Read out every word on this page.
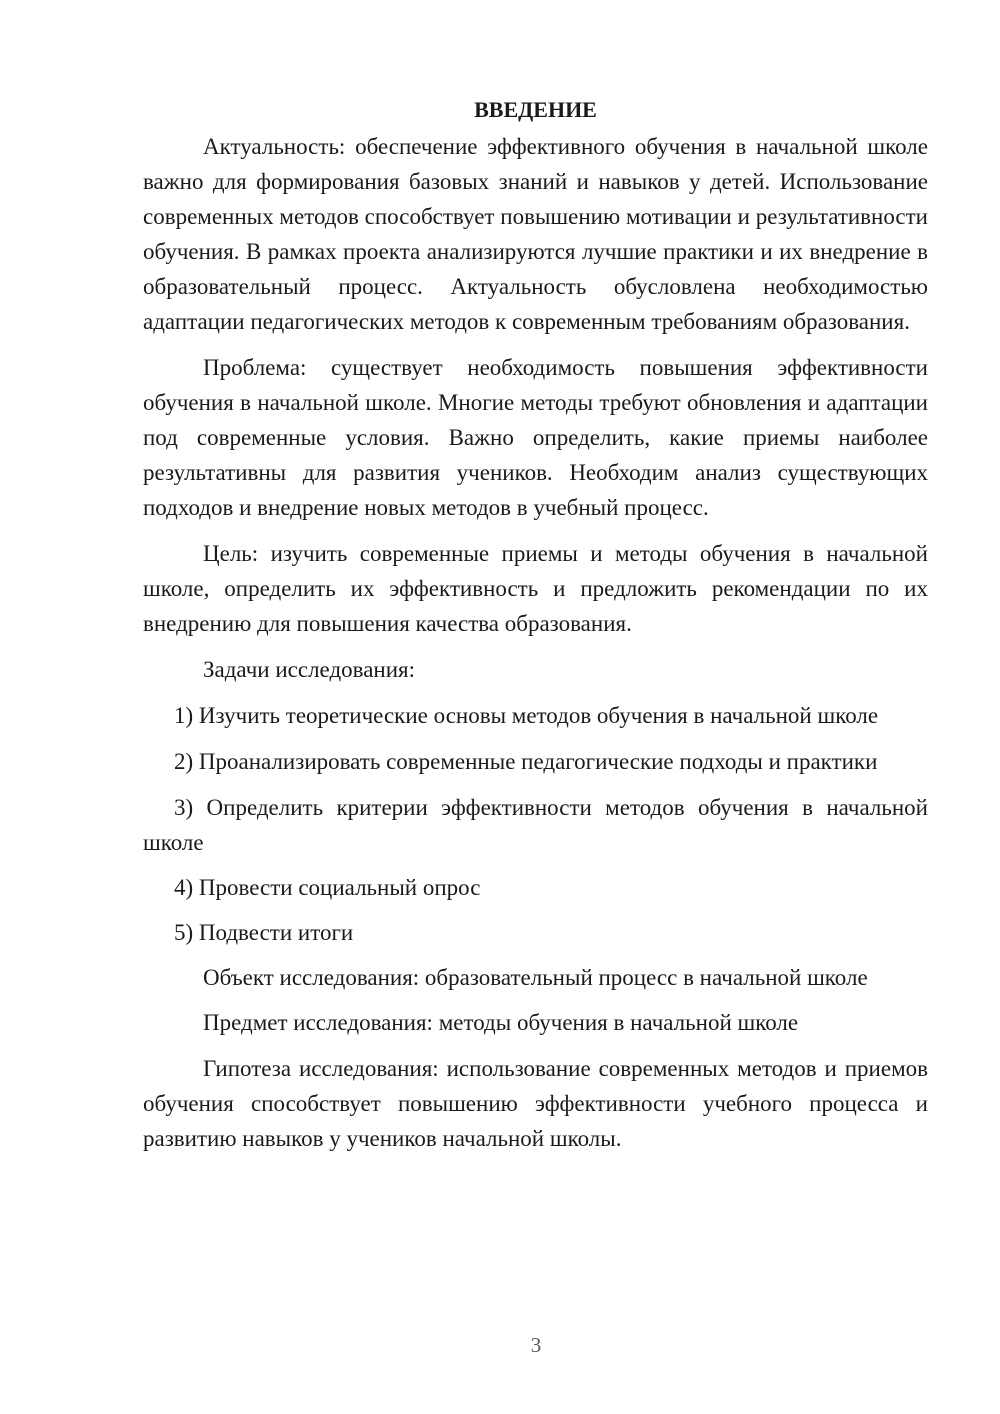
ВВЕДЕНИЕ

Актуальность: обеспечение эффективного обучения в начальной школе важно для формирования базовых знаний и навыков у детей. Использование современных методов способствует повышению мотивации и результативности обучения. В рамках проекта анализируются лучшие практики и их внедрение в образовательный процесс. Актуальность обусловлена необходимостью адаптации педагогических методов к современным требованиям образования.

Проблема: существует необходимость повышения эффективности обучения в начальной школе. Многие методы требуют обновления и адаптации под современные условия. Важно определить, какие приемы наиболее результативны для развития учеников. Необходим анализ существующих подходов и внедрение новых методов в учебный процесс.

Цель: изучить современные приемы и методы обучения в начальной школе, определить их эффективность и предложить рекомендации по их внедрению для повышения качества образования.

Задачи исследования:

1) Изучить теоретические основы методов обучения в начальной школе

2) Проанализировать современные педагогические подходы и практики

3) Определить критерии эффективности методов обучения в начальной школе

4) Провести социальный опрос

5) Подвести итоги

Объект исследования: образовательный процесс в начальной школе

Предмет исследования: методы обучения в начальной школе

Гипотеза исследования: использование современных методов и приемов обучения способствует повышению эффективности учебного процесса и развитию навыков у учеников начальной школы.

3
